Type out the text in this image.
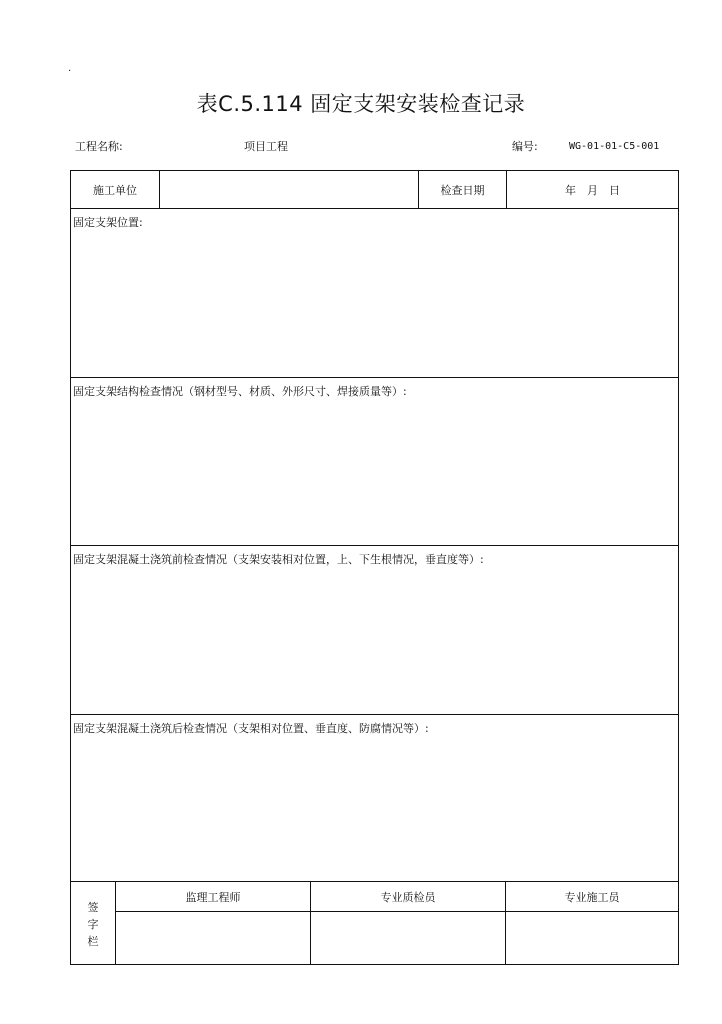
.
表C.5.114 固定支架安装检查记录
工程名称:	项目工程	编号:	WG-01-01-C5-001
施工单位	检查日期	年　月　日
固定支架位置:
固定支架结构检查情况（钢材型号、材质、外形尺寸、焊接质量等）:
固定支架混凝土浇筑前检查情况（支架安装相对位置，上、下生根情况，垂直度等）:
固定支架混凝土浇筑后检查情况（支架相对位置、垂直度、防腐情况等）:
签
字
栏
监理工程师	专业质检员	专业施工员
